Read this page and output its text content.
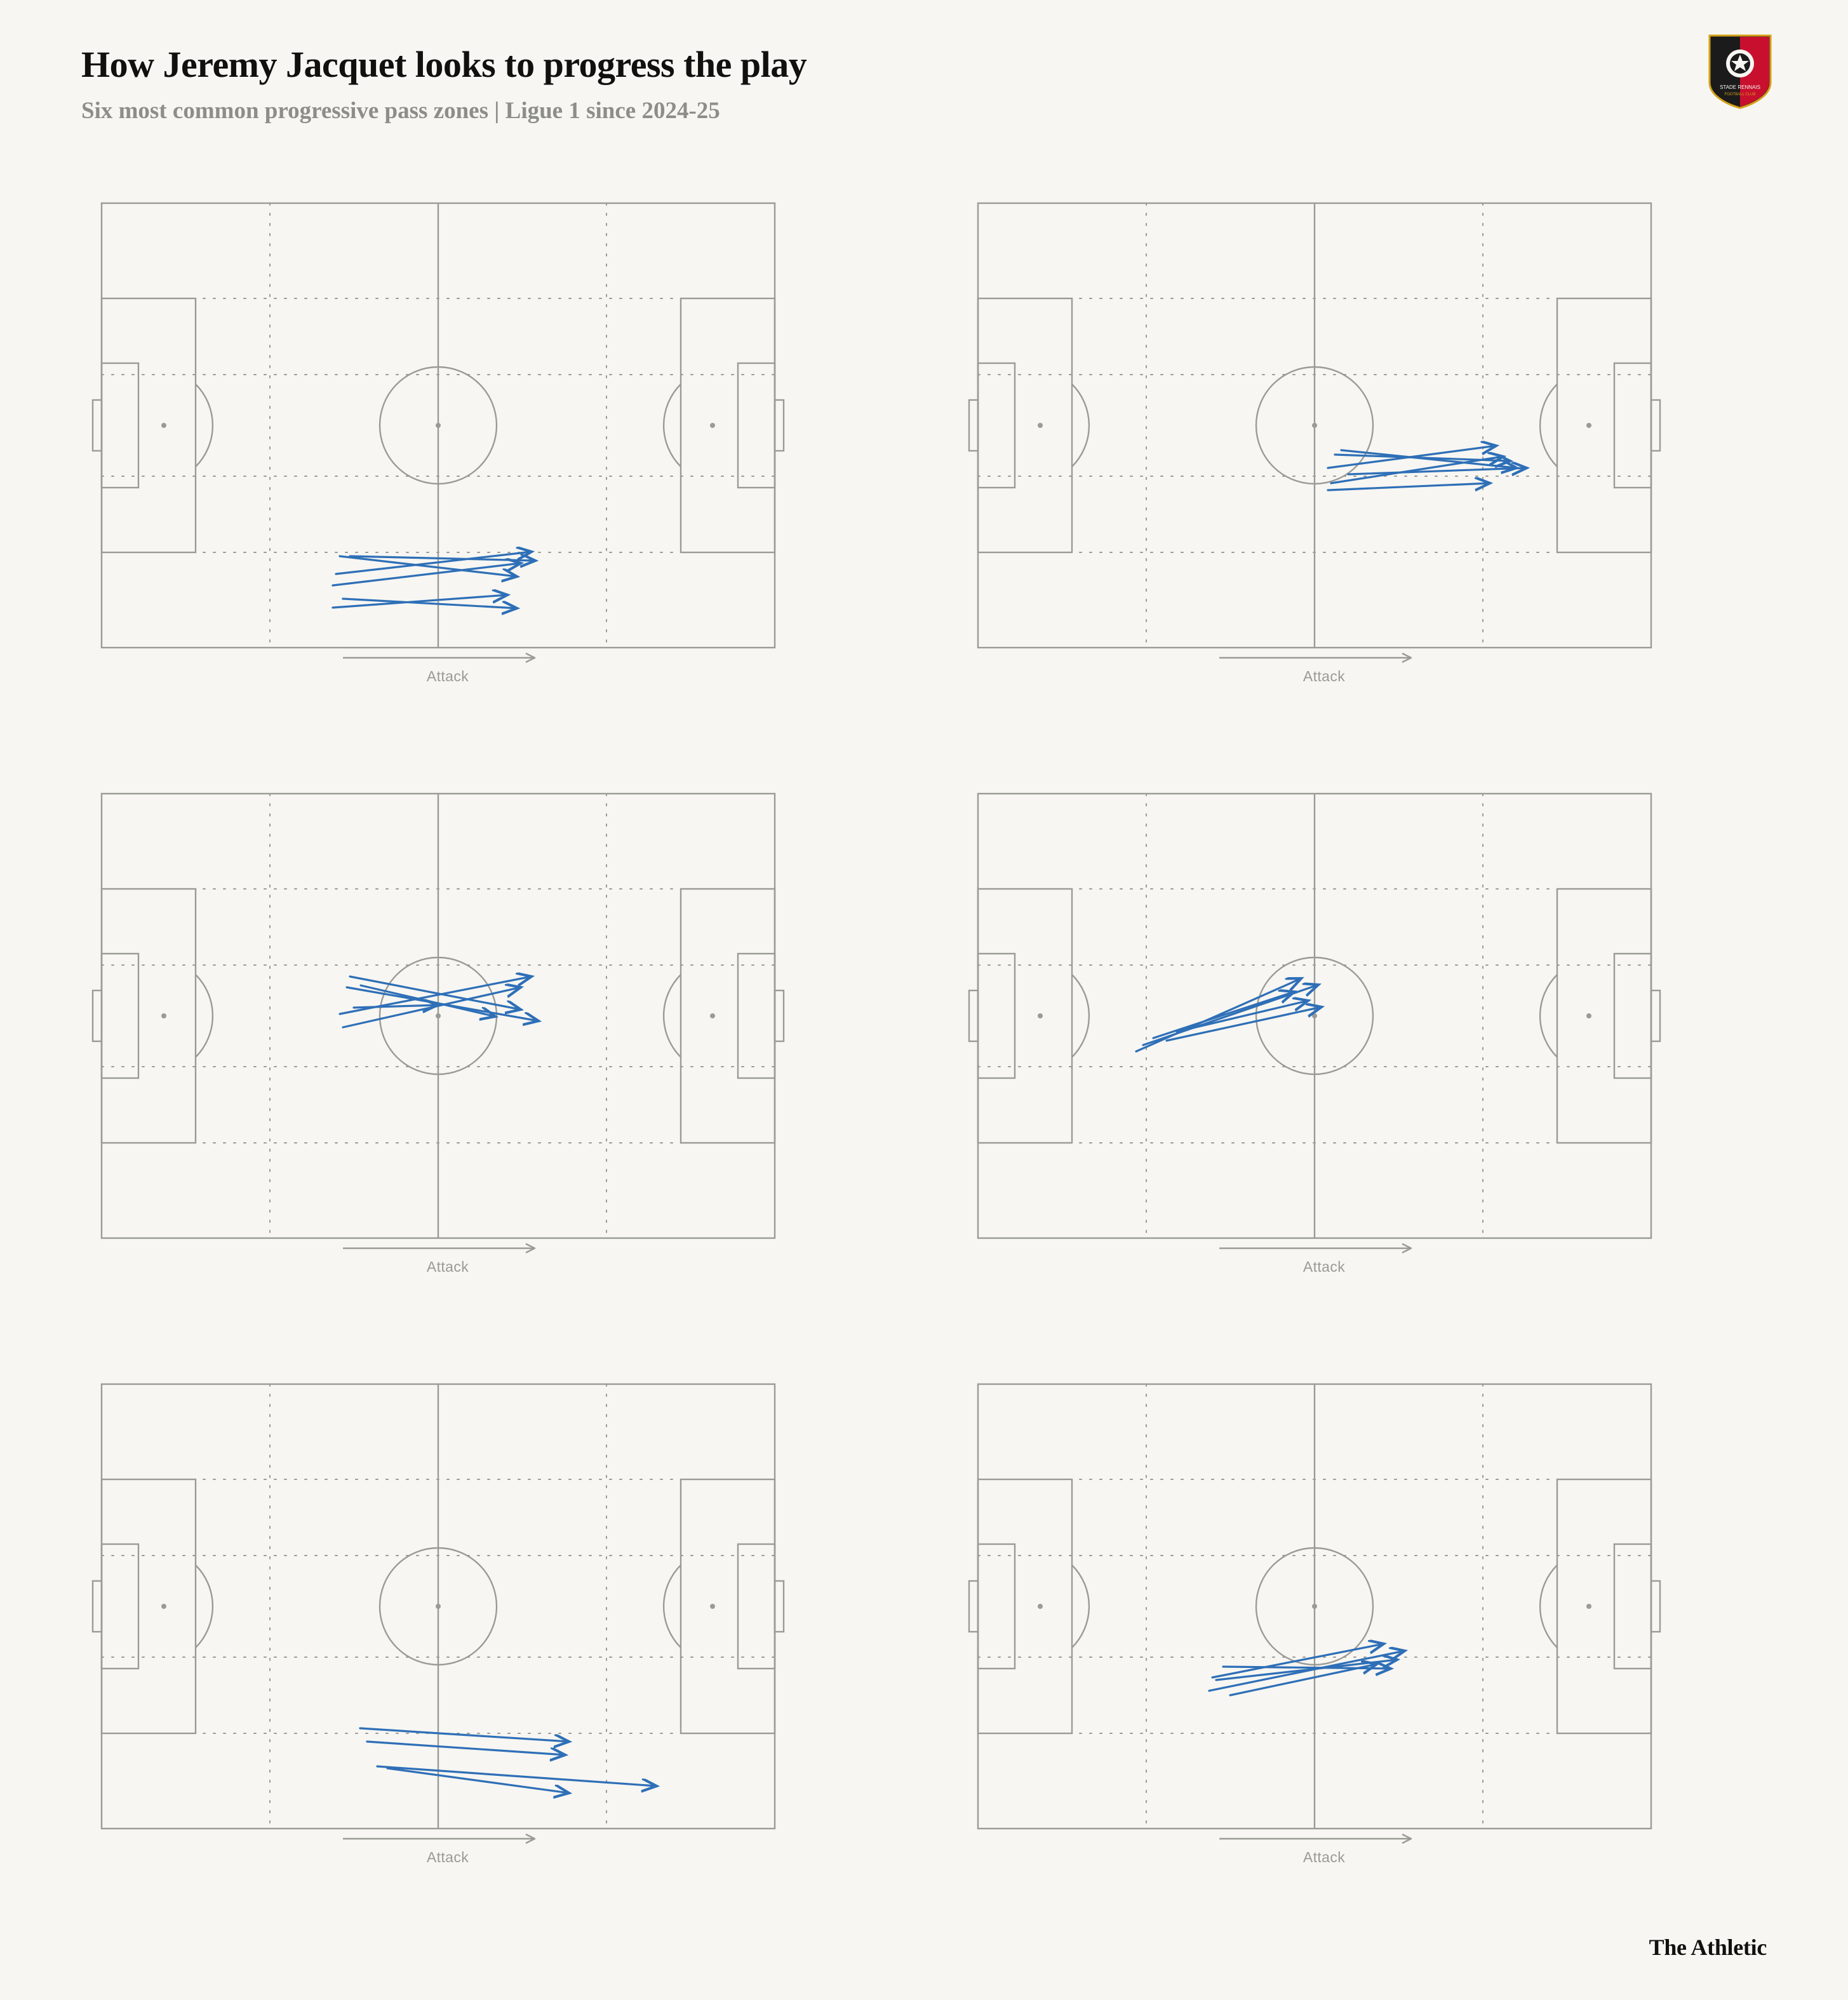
How Jeremy Jacquet looks to progress the play

Six most common progressive pass zones | Ligue 1 since 2024-25

STADE RENNAIS
FOOTBALL CLUB
Attack	Attack
Attack	Attack
Attack	Attack
The Athletic
